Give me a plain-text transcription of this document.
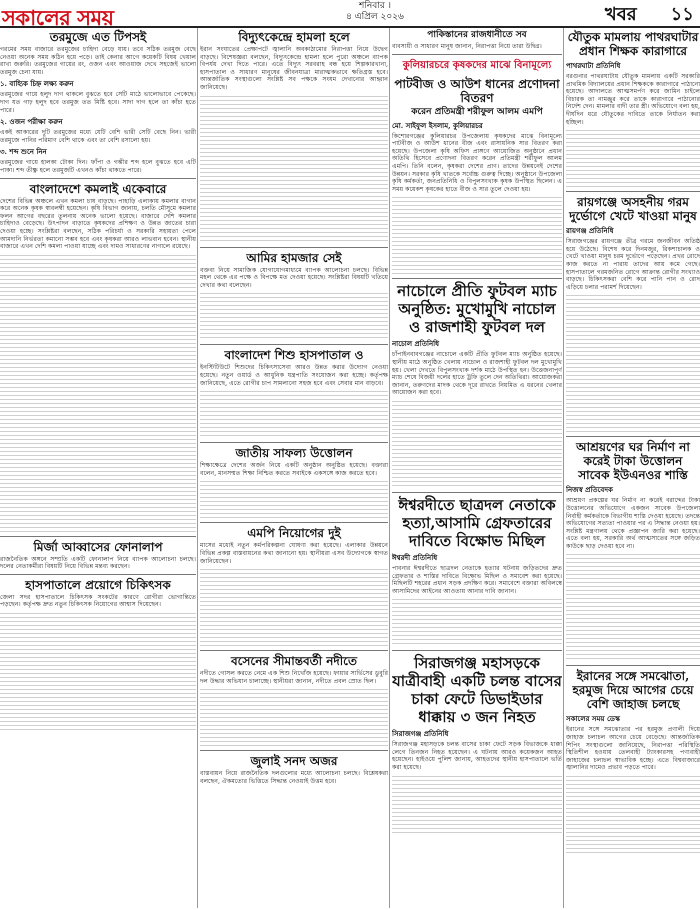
সকালের সময়	শনিবার ।
৪ এপ্রিল ২০২৬	খবর ১১
তরমুজে এত টিপসই

গরমের সময় বাজারে তরমুজের চাহিদা বেড়ে যায়। তবে সঠিক তরমুজ বেছে নেওয়া অনেক সময় কঠিন হয়ে পড়ে। তাই কেনার আগে কয়েকটি বিষয় খেয়াল রাখা জরুরি। তরমুজের গায়ের রং, ওজন এবং আওয়াজ দেখে সহজেই ভালো তরমুজ চেনা যায়।

১. বাহ্যিক চিহ্ন লক্ষ্য করুন

তরমুজের গায়ে হলুদ দাগ থাকলে বুঝতে হবে সেটি মাঠে ভালোভাবে পেকেছে। দাগ যত গাঢ় হলুদ হবে তরমুজ তত মিষ্টি হবে। সাদা দাগ হলে তা কাঁচা হতে পারে।

২. ওজন পরীক্ষা করুন

একই আকারের দুটি তরমুজের মধ্যে যেটি বেশি ভারী সেটি বেছে নিন। ভারী তরমুজে পানির পরিমাণ বেশি থাকে এবং তা বেশি রসালো হয়।

৩. শব্দ শুনে নিন

তরমুজের গায়ে হালকা টোকা দিন। ফাঁপা ও গম্ভীর শব্দ হলে বুঝতে হবে এটি পাকা। শব্দ তীক্ষ্ণ হলে তরমুজটি এখনও কাঁচা থাকতে পারে।

বাংলাদেশে কমলাই একেবারে

দেশের বিভিন্ন অঞ্চলে এখন কমলা চাষ বাড়ছে। পাহাড়ি এলাকায় কমলার বাগান করে অনেক কৃষক স্বাবলম্বী হয়েছেন। কৃষি বিভাগ জানায়, চলতি মৌসুমে কমলার ফলন আগের বছরের তুলনায় অনেক ভালো হয়েছে। বাজারে দেশি কমলার চাহিদাও বেড়েছে। উৎপাদন বাড়াতে কৃষকদের প্রশিক্ষণ ও উন্নত জাতের চারা দেওয়া হচ্ছে। সংশ্লিষ্টরা বলছেন, সঠিক পরিচর্যা ও সরকারি সহায়তা পেলে আমদানি নির্ভরতা কমানো সম্ভব হবে এবং কৃষকরা আরও লাভবান হবেন। স্থানীয় বাজারে এখন দেশি কমলা পাওয়া যাচ্ছে এবং দামও সাধারণের নাগালে রয়েছে।

মির্জা আব্বাসের ফোনালাপ

রাজনৈতিক অঙ্গনে সম্প্রতি একটি ফোনালাপ নিয়ে ব্যাপক আলোচনা চলছে। দলের নেতাকর্মীরা বিষয়টি নিয়ে বিভিন্ন মন্তব্য করছেন।

হাসপাতালে প্রয়োগে চিকিৎসক

জেলা সদর হাসপাতালে চিকিৎসক সংকটের কারণে রোগীরা ভোগান্তিতে পড়ছেন। কর্তৃপক্ষ দ্রুত নতুন চিকিৎসক নিয়োগের আশ্বাস দিয়েছেন।

বিদ্যুৎকেন্দ্রে হামলা হলে

ইরান সংঘাতের প্রেক্ষাপটে জ্বালানি অবকাঠামোর নিরাপত্তা নিয়ে উদ্বেগ বাড়ছে। বিশেষজ্ঞরা বলছেন, বিদ্যুৎকেন্দ্রে হামলা হলে পুরো অঞ্চলে ব্যাপক বিপর্যয় দেখা দিতে পারে। এতে বিদ্যুৎ সরবরাহ বন্ধ হয়ে শিল্পকারখানা, হাসপাতাল ও সাধারণ মানুষের জীবনযাত্রা মারাত্মকভাবে ক্ষতিগ্রস্ত হবে। আন্তর্জাতিক সংস্থাগুলো সংশ্লিষ্ট সব পক্ষকে সংযম দেখানোর আহ্বান জানিয়েছে।

আমির হামজার সেই

বক্তব্য নিয়ে সামাজিক যোগাযোগমাধ্যমে ব্যাপক আলোচনা চলছে। বিভিন্ন মহল থেকে এর পক্ষে ও বিপক্ষে মত দেওয়া হয়েছে। সংশ্লিষ্টরা বিষয়টি খতিয়ে দেখার কথা বলেছেন।

বাংলাদেশ শিশু হাসপাতাল ও

ইনস্টিটিউটে শিশুদের চিকিৎসাসেবা আরও উন্নত করার উদ্যোগ নেওয়া হয়েছে। নতুন ওয়ার্ড ও আধুনিক যন্ত্রপাতি সংযোজন করা হচ্ছে। কর্তৃপক্ষ জানিয়েছে, এতে রোগীর চাপ সামলানো সহজ হবে এবং সেবার মান বাড়বে।

জাতীয় সাফল্য উত্তোলন

শিক্ষাক্ষেত্রে দেশের অর্জন নিয়ে একটি অনুষ্ঠান অনুষ্ঠিত হয়েছে। বক্তারা বলেন, মানসম্মত শিক্ষা নিশ্চিত করতে সবাইকে একসঙ্গে কাজ করতে হবে।

এমপি নিয়োগের দুই

মাসের মধ্যেই নতুন কর্মপরিকল্পনা ঘোষণা করা হয়েছে। এলাকার উন্নয়নে বিভিন্ন প্রকল্প বাস্তবায়নের কথা জানানো হয়। স্থানীয়রা এসব উদ্যোগকে স্বাগত জানিয়েছেন।

বসেনের সীমান্তবর্তী নদীতে

নদীতে গোসল করতে নেমে এক শিশু নিখোঁজ হয়েছে। ফায়ার সার্ভিসের ডুবুরি দল উদ্ধার অভিযান চালাচ্ছে। স্থানীয়রা জানান, নদীতে প্রবল স্রোত ছিল।

জুলাই সনদ অজর

বাস্তবায়ন নিয়ে রাজনৈতিক দলগুলোর মধ্যে আলোচনা চলছে। বিশ্লেষকরা বলছেন, ঐকমত্যের ভিত্তিতে সিদ্ধান্ত নেওয়াই উত্তম হবে।

পাকিস্তানের রাজধানীতে সব

ব্যবসায়ী ও সাধারণ মানুষ জানান, নিরাপত্তা নিয়ে তারা উদ্বিগ্ন।

কুলিয়ারচরে কৃষকদের মাঝে বিনামূল্যে
পাটবীজ ও আউশ ধানের প্রণোদনা বিতরণ
করেন প্রতিমন্ত্রী শরীফুল আলম এমপি
মো. সাইফুল ইসলাম, কুলিয়ারচর

কিশোরগঞ্জের কুলিয়ারচর উপজেলায় কৃষকদের মাঝে বিনামূল্যে পাটবীজ ও আউশ ধানের বীজ এবং রাসায়নিক সার বিতরণ করা হয়েছে। উপজেলা কৃষি অফিস প্রাঙ্গণে আয়োজিত অনুষ্ঠানে প্রধান অতিথি হিসেবে প্রণোদনা বিতরণ করেন প্রতিমন্ত্রী শরীফুল আলম এমপি। তিনি বলেন, কৃষকরা দেশের প্রাণ। তাদের উন্নয়নেই দেশের উন্নয়ন। সরকার কৃষি খাতকে সর্বোচ্চ গুরুত্ব দিচ্ছে। অনুষ্ঠানে উপজেলা কৃষি কর্মকর্তা, জনপ্রতিনিধি ও বিপুলসংখ্যক কৃষক উপস্থিত ছিলেন। এ সময় কয়েকশ কৃষকের হাতে বীজ ও সার তুলে দেওয়া হয়।

নাচোলে প্রীতি ফুটবল ম্যাচ অনুষ্ঠিত: মুখোমুখি নাচোল ও রাজশাহী ফুটবল দল
নাচোল প্রতিনিধি

চাঁপাইনবাবগঞ্জের নাচোলে একটি প্রীতি ফুটবল ম্যাচ অনুষ্ঠিত হয়েছে। স্থানীয় মাঠে অনুষ্ঠিত খেলায় নাচোল ও রাজশাহী ফুটবল দল মুখোমুখি হয়। খেলা দেখতে বিপুলসংখ্যক দর্শক মাঠে উপস্থিত হন। উত্তেজনাপূর্ণ ম্যাচ শেষে বিজয়ী দলের হাতে ট্রফি তুলে দেন অতিথিরা। আয়োজকরা জানান, তরুণদের মাদক থেকে দূরে রাখতে নিয়মিত এ ধরনের খেলার আয়োজন করা হবে।

ঈশ্বরদীতে ছাত্রদল নেতাকে হত্যা,আসামি গ্রেফতারের দাবিতে বিক্ষোভ মিছিল
ঈশ্বরদী প্রতিনিধি

পাবনার ঈশ্বরদীতে ছাত্রদল নেতাকে হত্যার ঘটনায় জড়িতদের দ্রুত গ্রেফতার ও শাস্তির দাবিতে বিক্ষোভ মিছিল ও সমাবেশ করা হয়েছে। মিছিলটি শহরের প্রধান সড়ক প্রদক্ষিণ করে। সমাবেশে বক্তারা অবিলম্বে আসামিদের আইনের আওতায় আনার দাবি জানান।

সিরাজগঞ্জ মহাসড়কে যাত্রীবাহী একটি চলন্ত বাসের চাকা ফেটে ডিভাইডার ধাক্কায় ৩ জন নিহত
সিরাজগঞ্জ প্রতিনিধি

সিরাজগঞ্জ মহাসড়কে চলন্ত বাসের চাকা ফেটে সড়ক বিভাজকে ধাক্কা লেগে তিনজন নিহত হয়েছেন। এ ঘটনায় আরও কয়েকজন আহত হয়েছেন। হাইওয়ে পুলিশ জানায়, আহতদের স্থানীয় হাসপাতালে ভর্তি করা হয়েছে।

যৌতুক মামলায় পাথরঘাটার প্রধান শিক্ষক কারাগারে
পাথরঘাটা প্রতিনিধি

বরগুনার পাথরঘাটায় যৌতুক মামলায় একটি সরকারি প্রাথমিক বিদ্যালয়ের প্রধান শিক্ষককে কারাগারে পাঠানো হয়েছে। আদালতে আত্মসমর্পণ করে জামিন চাইলে বিচারক তা নামঞ্জুর করে তাকে কারাগারে পাঠানোর নির্দেশ দেন। মামলার বাদী তার স্ত্রী। অভিযোগে বলা হয়, দীর্ঘদিন ধরে যৌতুকের দাবিতে তাকে নির্যাতন করা হচ্ছিল।

রায়গঞ্জে অসহনীয় গরম দুর্ভোগে খেটে খাওয়া মানুষ
রায়গঞ্জ প্রতিনিধি

সিরাজগঞ্জের রায়গঞ্জে তীব্র গরমে জনজীবন অতিষ্ঠ হয়ে উঠেছে। বিশেষ করে দিনমজুর, রিকশাচালক ও খেটে খাওয়া মানুষ চরম দুর্ভোগে পড়েছেন। প্রখর রোদে কাজ করতে না পারায় তাদের আয় কমে গেছে। হাসপাতালে গরমজনিত রোগে আক্রান্ত রোগীর সংখ্যাও বাড়ছে। চিকিৎসকরা বেশি করে পানি পান ও রোদ এড়িয়ে চলার পরামর্শ দিয়েছেন।

আশ্রয়ণের ঘর নির্মাণ না করেই টাকা উত্তোলন সাবেক ইউএনওর শাস্তি
নিজস্ব প্রতিবেদক

আশ্রয়ণ প্রকল্পের ঘর নির্মাণ না করেই বরাদ্দের টাকা উত্তোলনের অভিযোগে একজন সাবেক উপজেলা নির্বাহী কর্মকর্তাকে বিভাগীয় শাস্তি দেওয়া হয়েছে। তদন্তে অভিযোগের সত্যতা পাওয়ার পর এ সিদ্ধান্ত নেওয়া হয়। সংশ্লিষ্ট মন্ত্রণালয় থেকে প্রজ্ঞাপন জারি করা হয়েছে। এতে বলা হয়, সরকারি অর্থ আত্মসাতের সঙ্গে জড়িত কাউকে ছাড় দেওয়া হবে না।

ইরানের সঙ্গে সমঝোতা, হরমুজ দিয়ে আগের চেয়ে বেশি জাহাজ চলছে
সকালের সময় ডেস্ক

ইরানের সঙ্গে সমঝোতার পর হরমুজ প্রণালী দিয়ে জাহাজ চলাচল আগের চেয়ে বেড়েছে। আন্তর্জাতিক শিপিং সংস্থাগুলো জানিয়েছে, নিরাপত্তা পরিস্থিতি স্থিতিশীল হওয়ায় তেলবাহী ট্যাংকারসহ পণ্যবাহী জাহাজের চলাচল স্বাভাবিক হচ্ছে। এতে বিশ্ববাজারে জ্বালানির দামেও প্রভাব পড়তে পারে।
